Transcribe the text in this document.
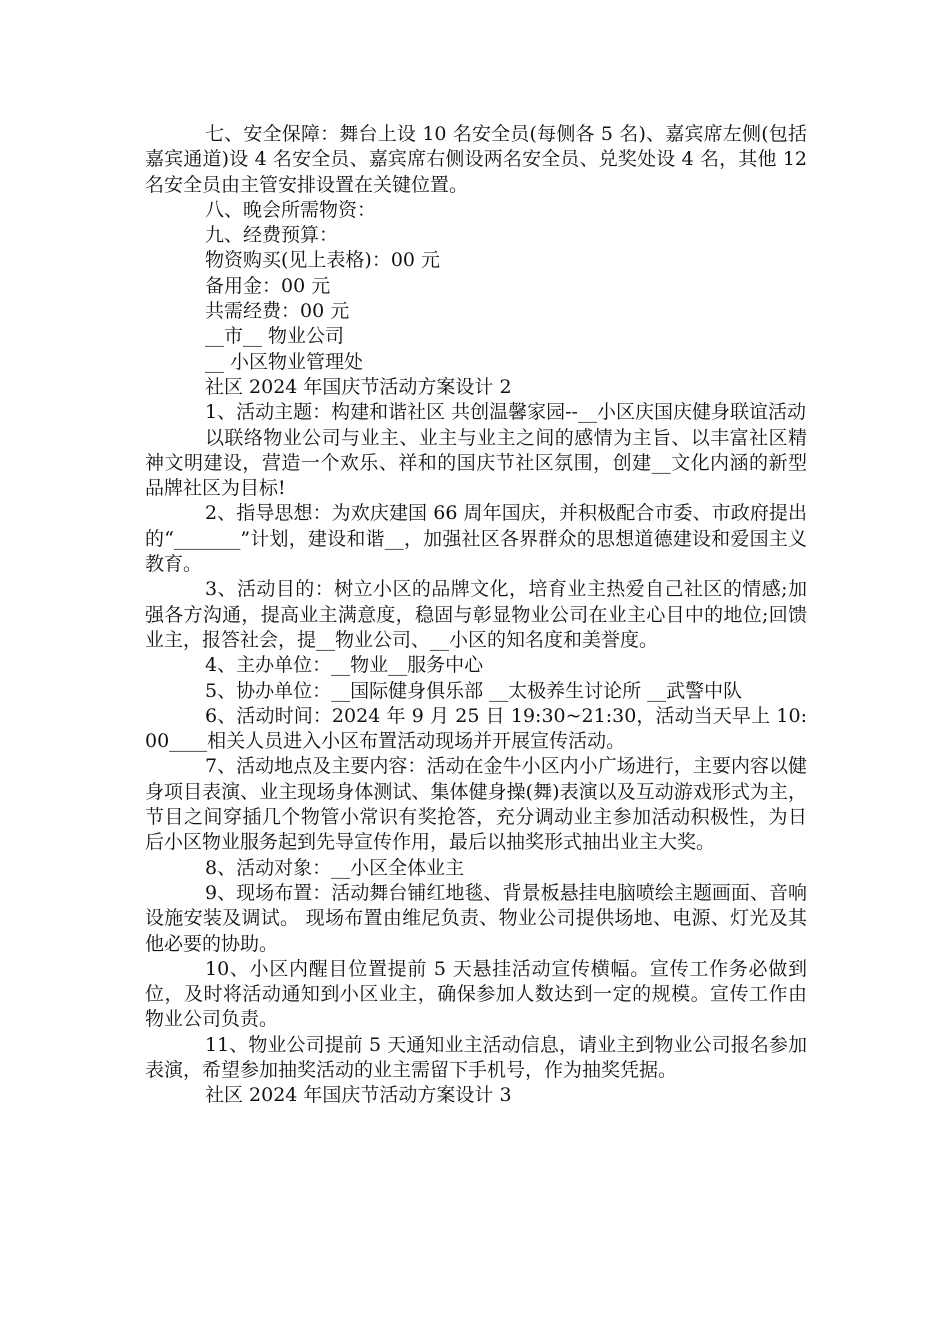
七、安全保障：舞台上设 10 名安全员(每侧各 5 名)、嘉宾席左侧(包括嘉宾通道)设 4 名安全员、嘉宾席右侧设两名安全员、兑奖处设 4 名，其他 12 名安全员由主管安排设置在关键位置。

八、晚会所需物资：

九、经费预算：

物资购买(见上表格)：00 元

备用金：00 元

共需经费：00 元

__市__ 物业公司

__ 小区物业管理处

社区 2024 年国庆节活动方案设计 2

1、活动主题：构建和谐社区 共创温馨家园--__小区庆国庆健身联谊活动

以联络物业公司与业主、业主与业主之间的感情为主旨、以丰富社区精神文明建设，营造一个欢乐、祥和的国庆节社区氛围，创建__文化内涵的新型品牌社区为目标!

2、指导思想：为欢庆建国 66 周年国庆，并积极配合市委、市政府提出的“_______”计划，建设和谐__，加强社区各界群众的思想道德建设和爱国主义教育。

3、活动目的：树立小区的品牌文化，培育业主热爱自己社区的情感;加强各方沟通，提高业主满意度，稳固与彰显物业公司在业主心目中的地位;回馈业主，报答社会，提__物业公司、__小区的知名度和美誉度。

4、主办单位：__物业__服务中心

5、协办单位：__国际健身俱乐部 __太极养生讨论所 __武警中队

6、活动时间：2024 年 9 月 25 日 19:30~21:30，活动当天早上 10:00____相关人员进入小区布置活动现场并开展宣传活动。

7、活动地点及主要内容：活动在金牛小区内小广场进行，主要内容以健身项目表演、业主现场身体测试、集体健身操(舞)表演以及互动游戏形式为主，节目之间穿插几个物管小常识有奖抢答，充分调动业主参加活动积极性，为日后小区物业服务起到先导宣传作用，最后以抽奖形式抽出业主大奖。

8、活动对象：__小区全体业主

9、现场布置：活动舞台铺红地毯、背景板悬挂电脑喷绘主题画面、音响设施安装及调试。 现场布置由维尼负责、物业公司提供场地、电源、灯光及其他必要的协助。

10、小区内醒目位置提前 5 天悬挂活动宣传横幅。宣传工作务必做到位，及时将活动通知到小区业主，确保参加人数达到一定的规模。宣传工作由物业公司负责。

11、物业公司提前 5 天通知业主活动信息，请业主到物业公司报名参加表演，希望参加抽奖活动的业主需留下手机号，作为抽奖凭据。

社区 2024 年国庆节活动方案设计 3
